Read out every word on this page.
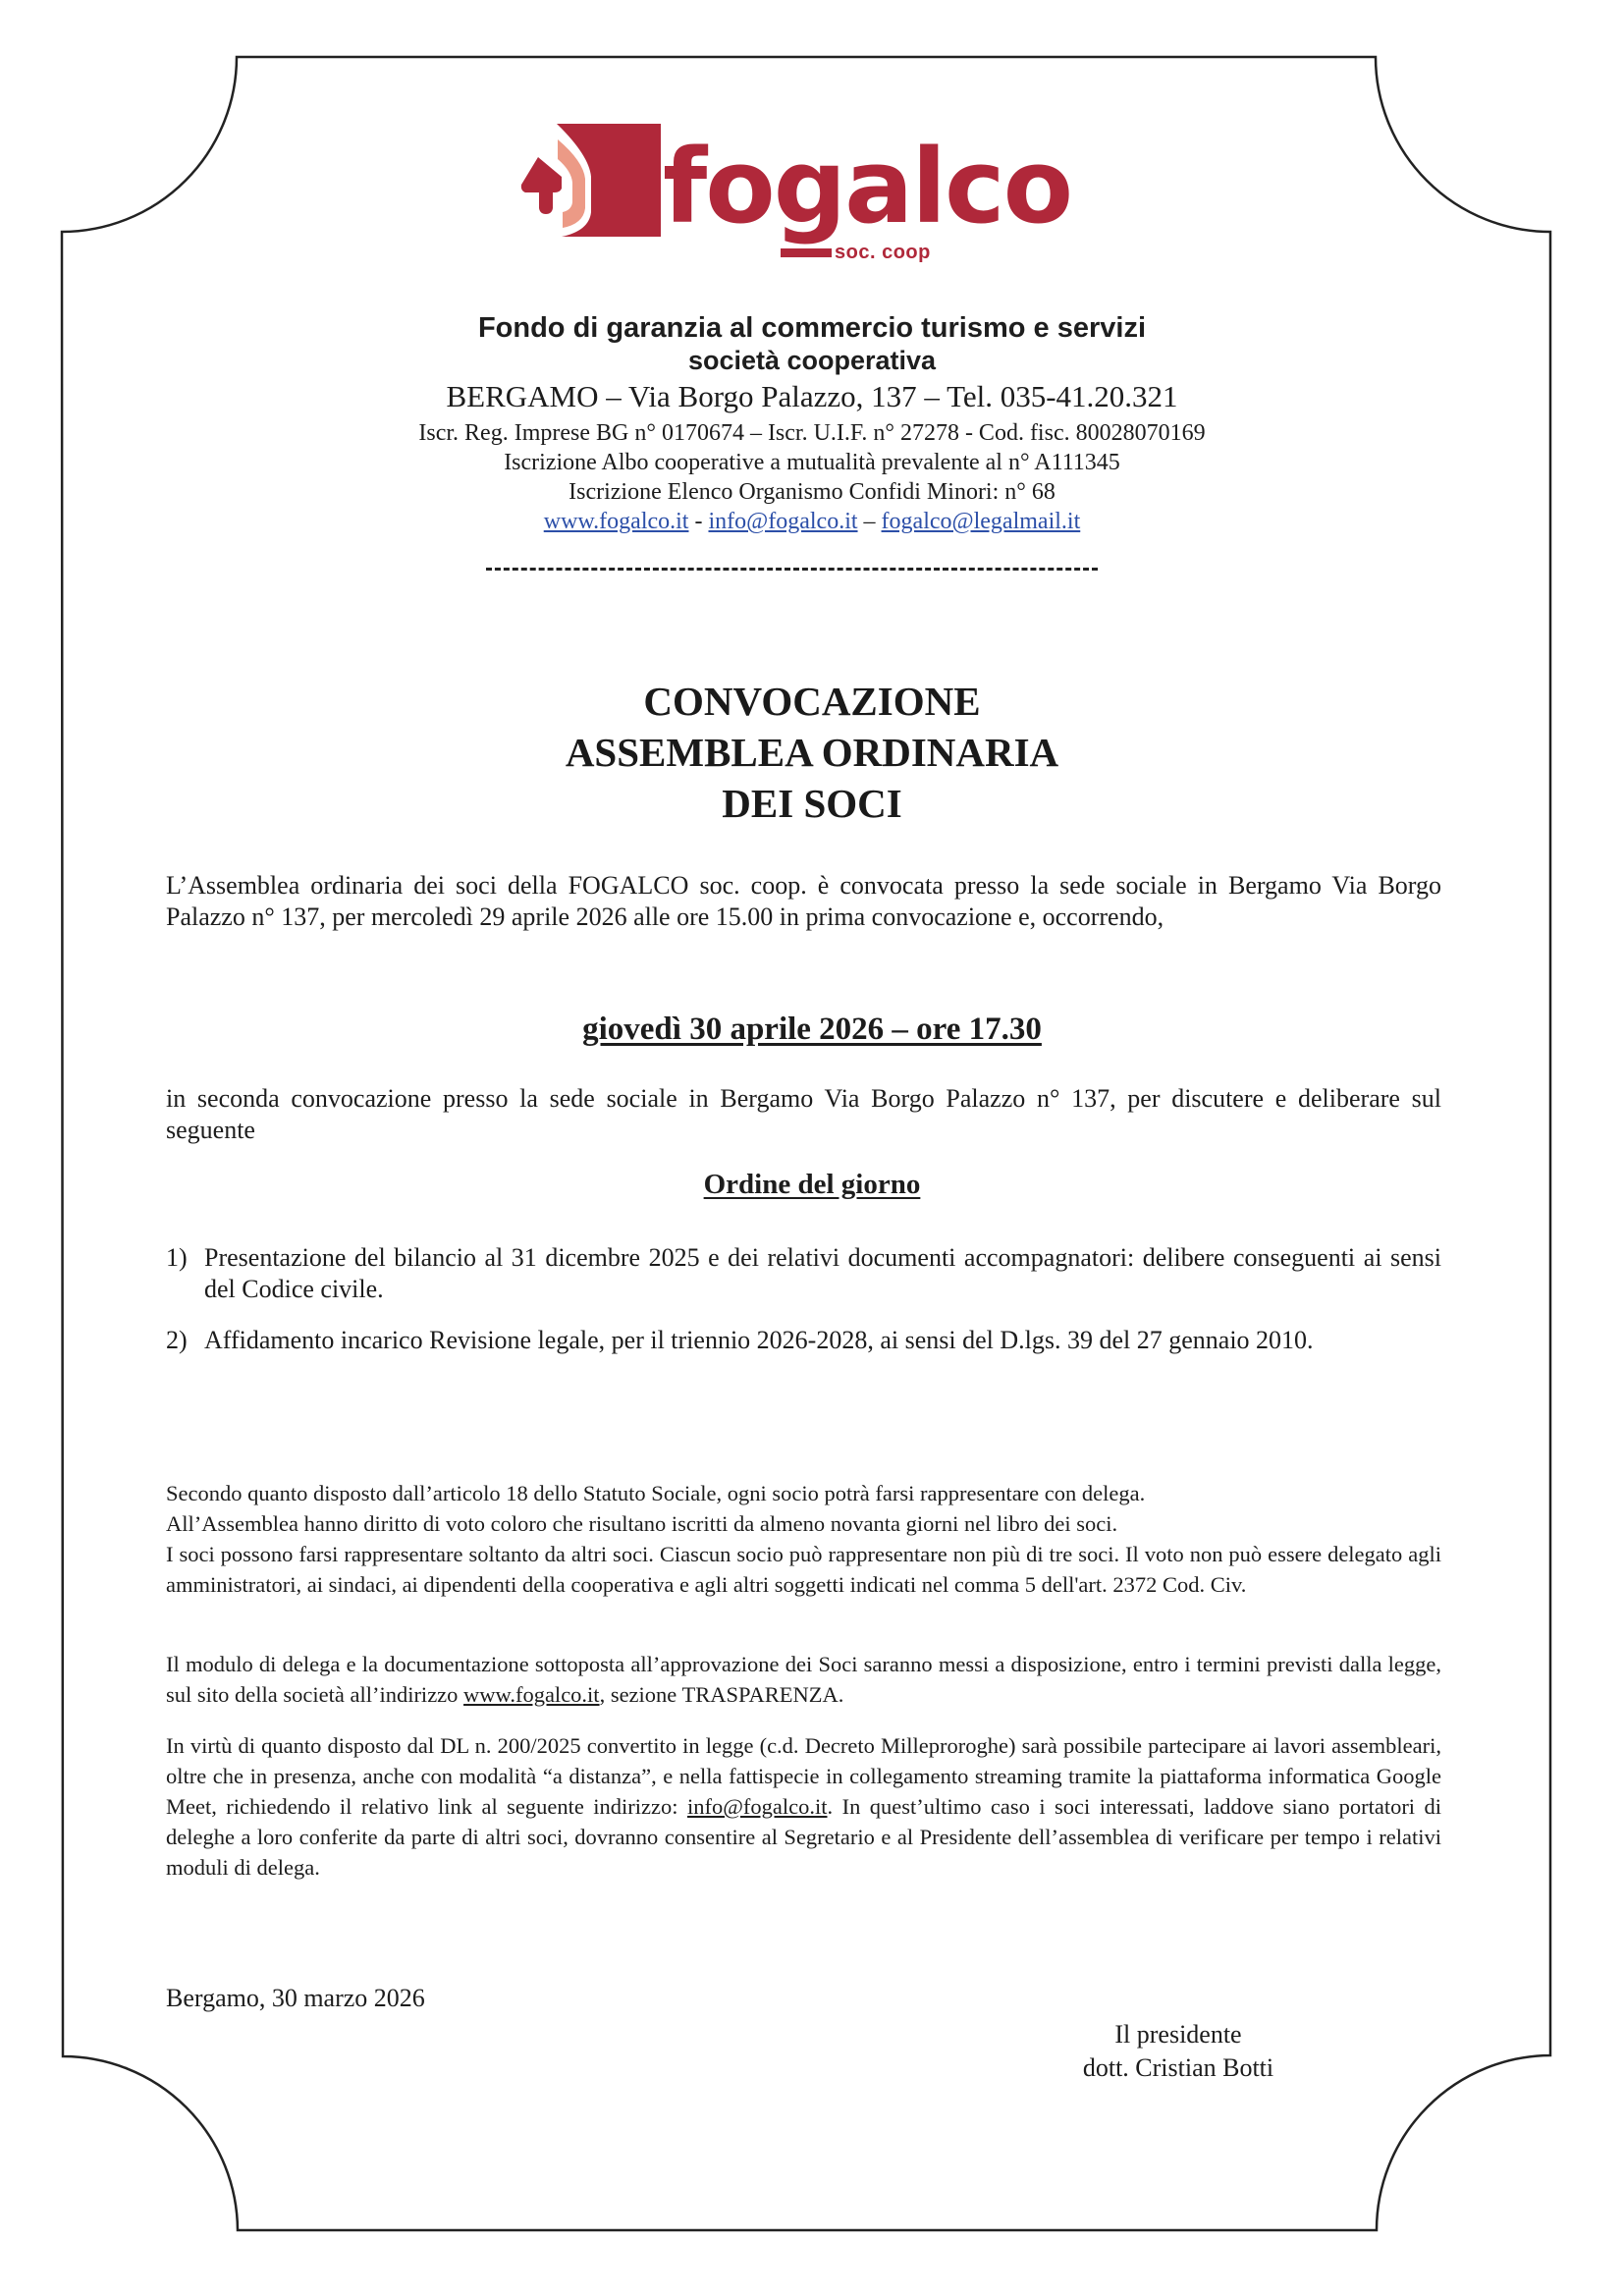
fogalco
soc. coop
Fondo di garanzia al commercio turismo e servizi
società cooperativa
BERGAMO – Via Borgo Palazzo, 137 – Tel. 035-41.20.321
Iscr. Reg. Imprese BG n° 0170674 – Iscr. U.I.F. n° 27278 - Cod. fisc. 80028070169
Iscrizione Albo cooperative a mutualità prevalente al n° A111345
Iscrizione Elenco Organismo Confidi Minori: n° 68
www.fogalco.it - info@fogalco.it – fogalco@legalmail.it
CONVOCAZIONE
ASSEMBLEA ORDINARIA
DEI SOCI
L’Assemblea ordinaria dei soci della FOGALCO soc. coop. è convocata presso la sede sociale in Bergamo Via Borgo Palazzo n° 137, per mercoledì 29 aprile 2026 alle ore 15.00 in prima convocazione e, occorrendo,
giovedì 30 aprile 2026 – ore 17.30
in seconda convocazione presso la sede sociale in Bergamo Via Borgo Palazzo n° 137, per discutere e deliberare sul seguente
Ordine del giorno
1) Presentazione del bilancio al 31 dicembre 2025 e dei relativi documenti accompagnatori: delibere conseguenti ai sensi del Codice civile.
2) Affidamento incarico Revisione legale, per il triennio 2026-2028, ai sensi del D.lgs. 39 del 27 gennaio 2010.
Secondo quanto disposto dall’articolo 18 dello Statuto Sociale, ogni socio potrà farsi rappresentare con delega.
All’Assemblea hanno diritto di voto coloro che risultano iscritti da almeno novanta giorni nel libro dei soci.
I soci possono farsi rappresentare soltanto da altri soci. Ciascun socio può rappresentare non più di tre soci. Il voto non può essere delegato agli amministratori, ai sindaci, ai dipendenti della cooperativa e agli altri soggetti indicati nel comma 5 dell'art. 2372 Cod. Civ.
Il modulo di delega e la documentazione sottoposta all’approvazione dei Soci saranno messi a disposizione, entro i termini previsti dalla legge, sul sito della società all’indirizzo www.fogalco.it, sezione TRASPARENZA.
In virtù di quanto disposto dal DL n. 200/2025 convertito in legge (c.d. Decreto Milleproroghe) sarà possibile partecipare ai lavori assembleari, oltre che in presenza, anche con modalità “a distanza”, e nella fattispecie in collegamento streaming tramite la piattaforma informatica Google Meet, richiedendo il relativo link al seguente indirizzo: info@fogalco.it. In quest’ultimo caso i soci interessati, laddove siano portatori di deleghe a loro conferite da parte di altri soci, dovranno consentire al Segretario e al Presidente dell’assemblea di verificare per tempo i relativi moduli di delega.
Bergamo, 30 marzo 2026
Il presidente
dott. Cristian Botti
